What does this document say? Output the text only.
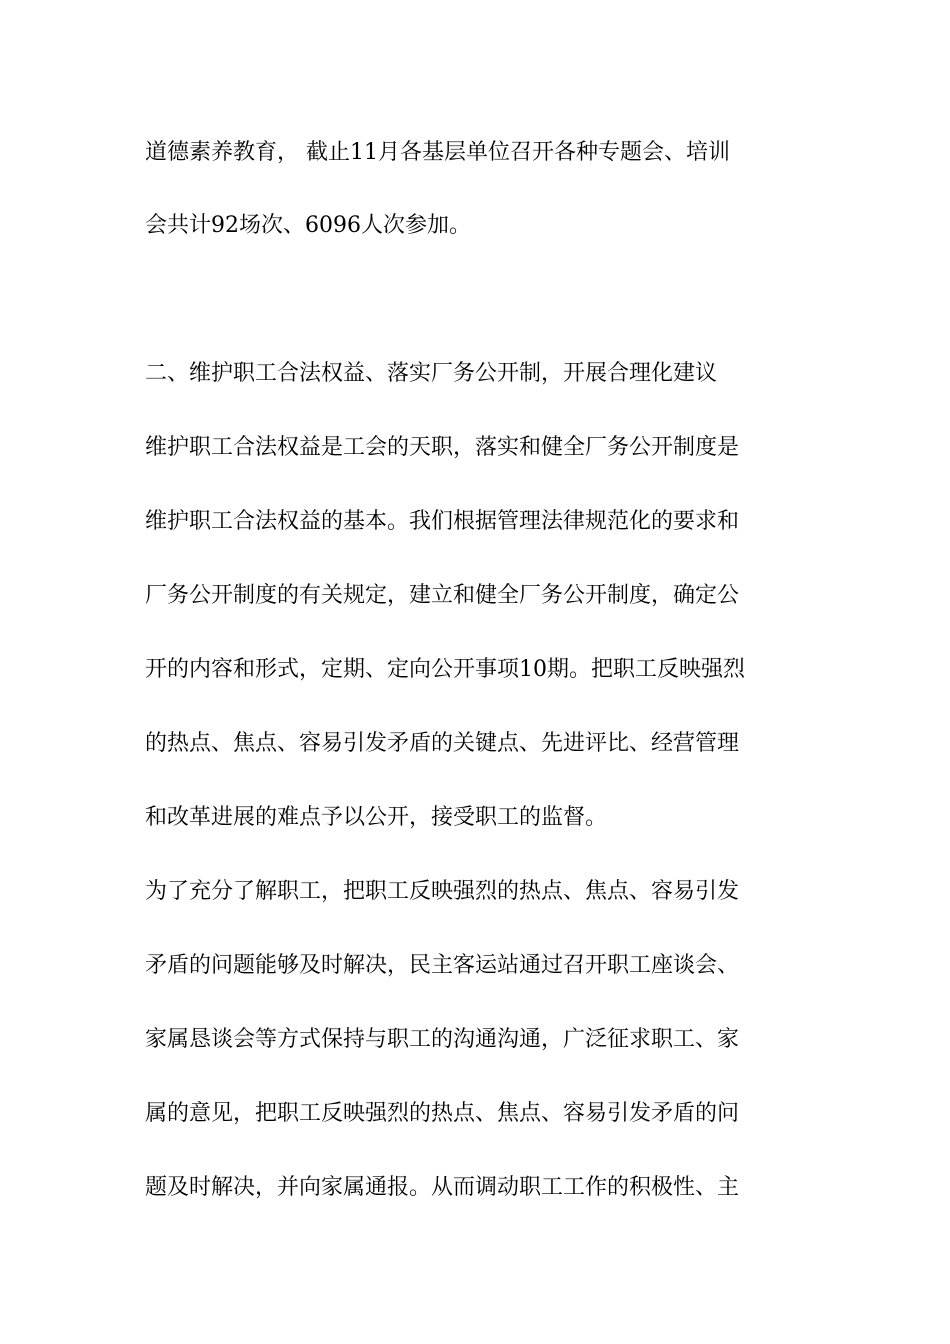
道德素养教育， 截止11月各基层单位召开各种专题会、培训

会共计92场次、6096人次参加。

二、维护职工合法权益、落实厂务公开制，开展合理化建议

维护职工合法权益是工会的天职，落实和健全厂务公开制度是

维护职工合法权益的基本。我们根据管理法律规范化的要求和

厂务公开制度的有关规定，建立和健全厂务公开制度，确定公

开的内容和形式，定期、定向公开事项10期。把职工反映强烈

的热点、焦点、容易引发矛盾的关键点、先进评比、经营管理

和改革进展的难点予以公开，接受职工的监督。

为了充分了解职工，把职工反映强烈的热点、焦点、容易引发

矛盾的问题能够及时解决，民主客运站通过召开职工座谈会、

家属恳谈会等方式保持与职工的沟通沟通，广泛征求职工、家

属的意见，把职工反映强烈的热点、焦点、容易引发矛盾的问

题及时解决，并向家属通报。从而调动职工工作的积极性、主
